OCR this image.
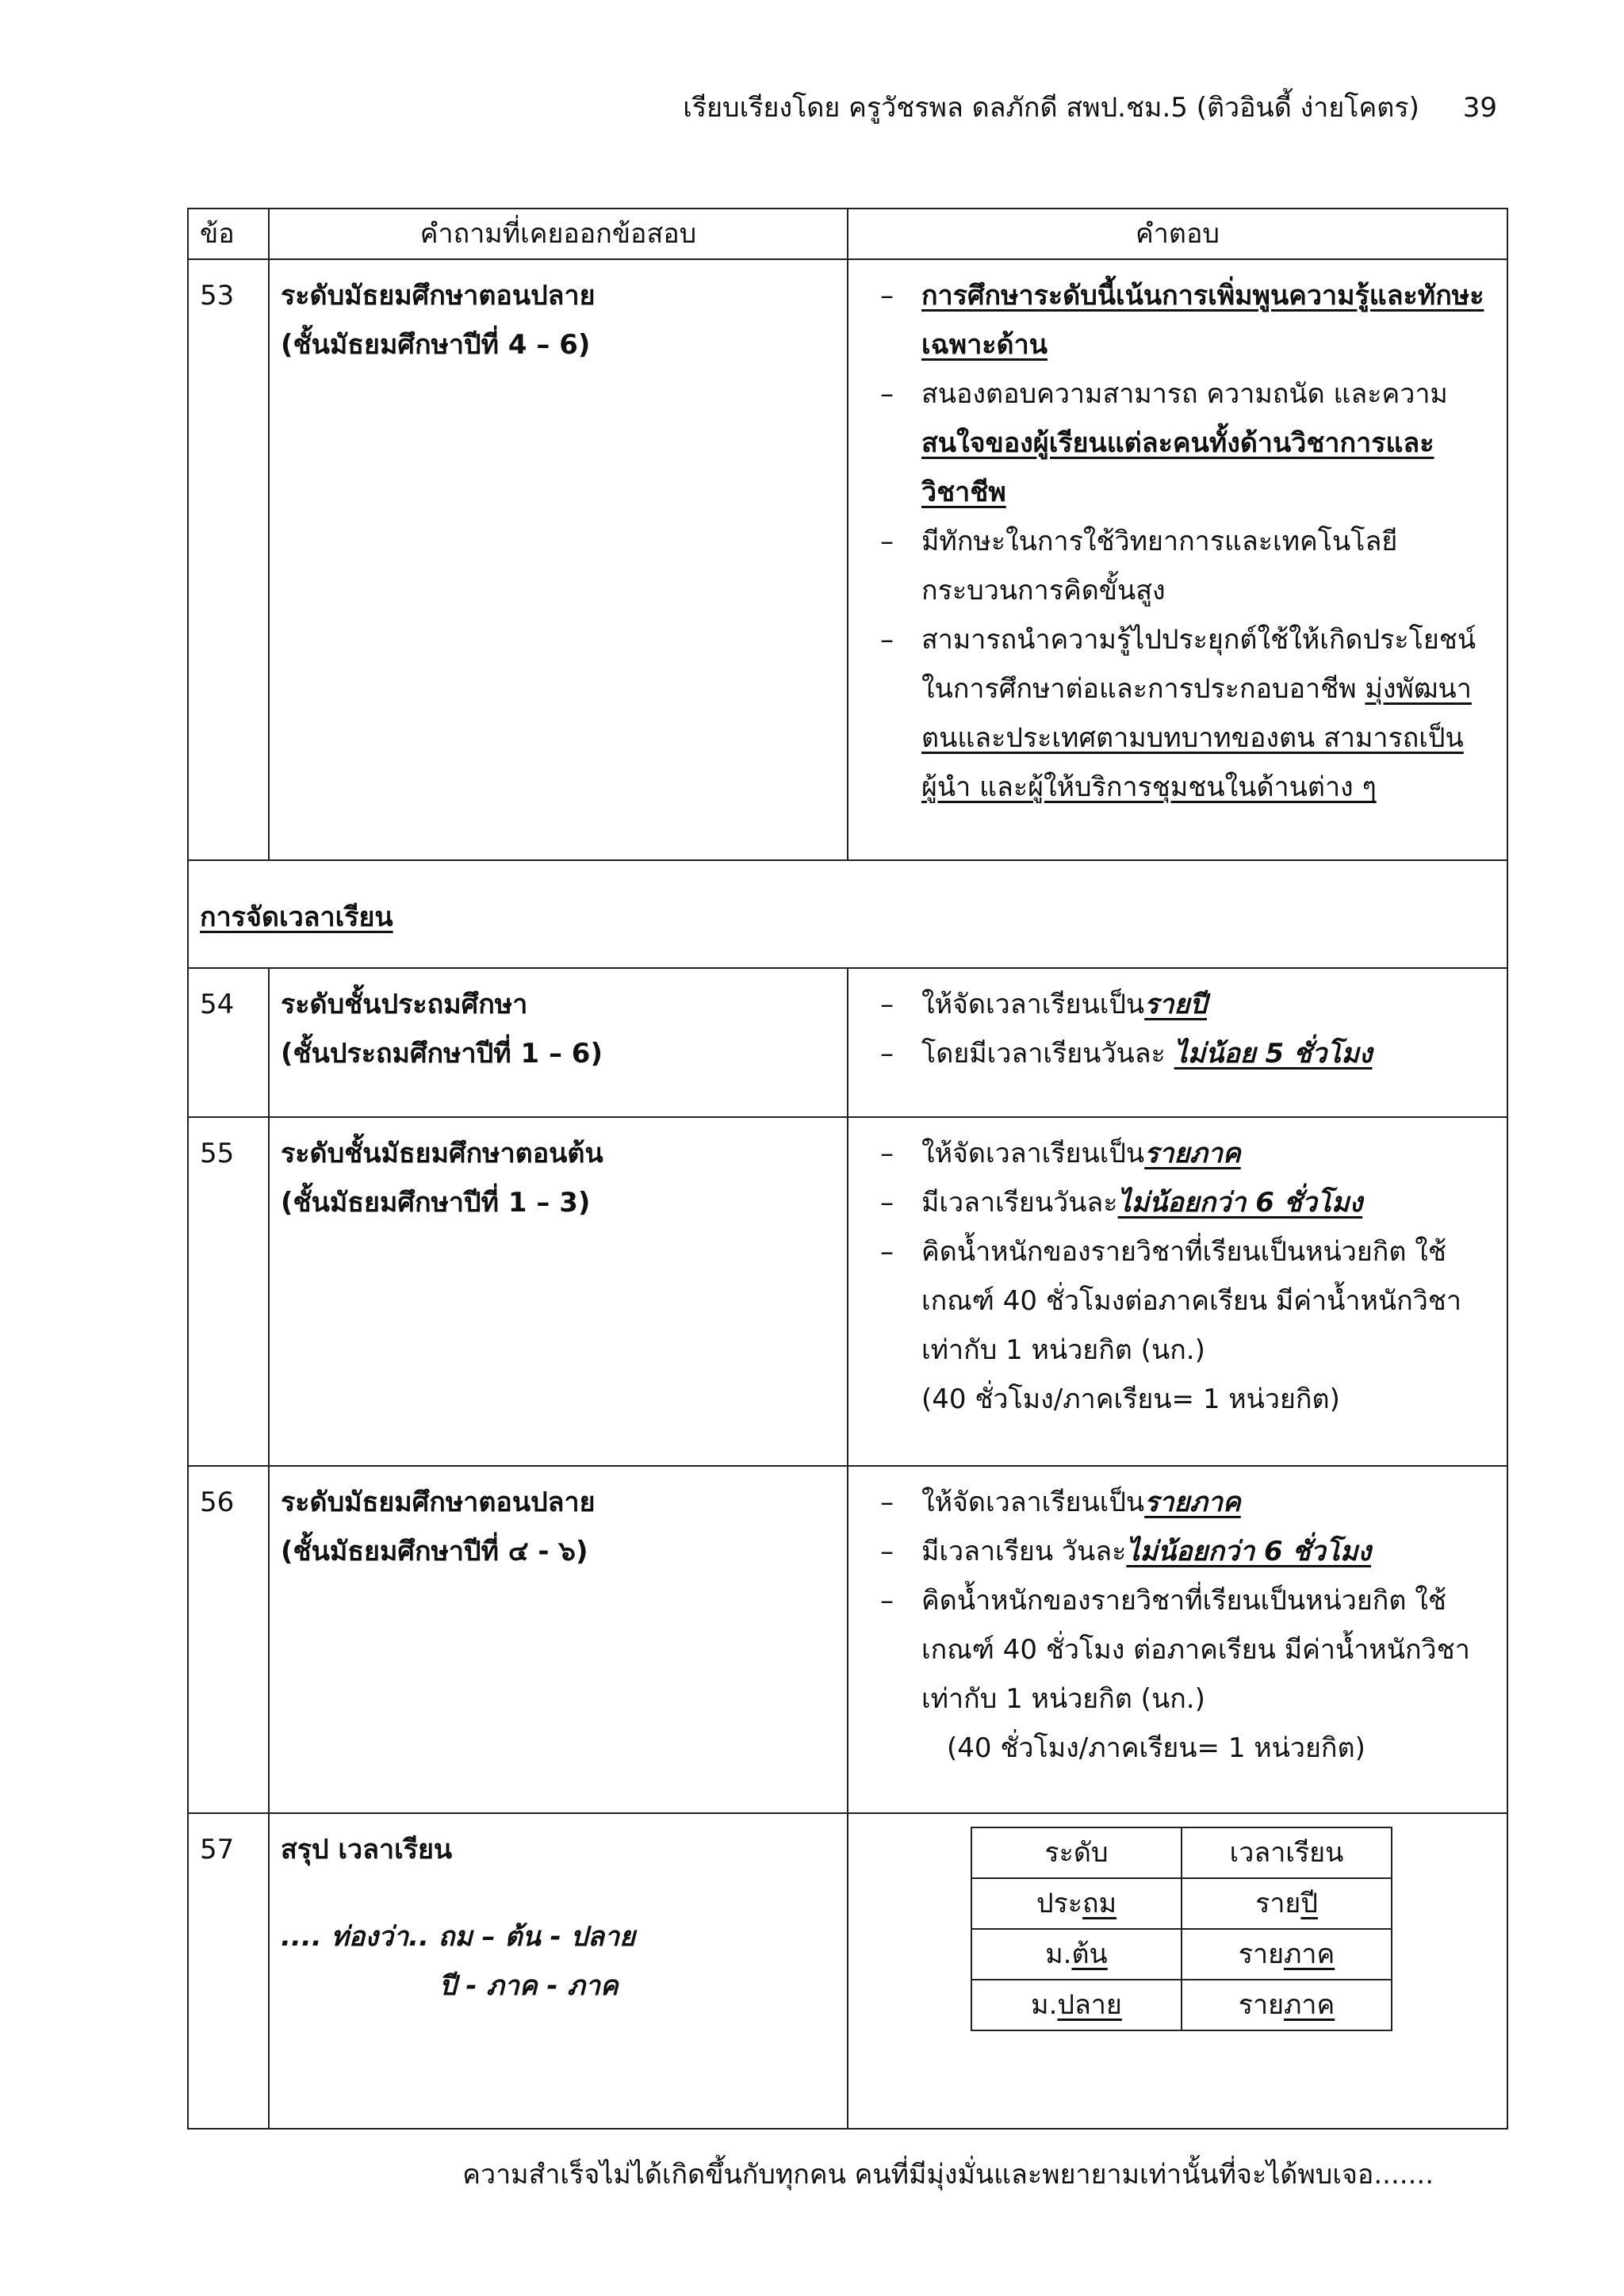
เรียบเรียงโดย ครูวัชรพล ดลภักดี สพป.ชม.5 (ติวอินดี้ ง่ายโคตร) 39
ข้อ	คำถามที่เคยออกข้อสอบ	คำตอบ
53	ระดับมัธยมศึกษาตอนปลาย
(ชั้นมัธยมศึกษาปีที่ 4 – 6)

– การศึกษาระดับนี้เน้นการเพิ่มพูนความรู้และทักษะเฉพาะด้าน
– สนองตอบความสามารถ ความถนัด และความสนใจของผู้เรียนแต่ละคนทั้งด้านวิชาการและวิชาชีพ
– มีทักษะในการใช้วิทยาการและเทคโนโลยี กระบวนการคิดขั้นสูง
– สามารถนำความรู้ไปประยุกต์ใช้ให้เกิดประโยชน์ในการศึกษาต่อและการประกอบอาชีพ มุ่งพัฒนาตนและประเทศตามบทบาทของตน สามารถเป็นผู้นำ และผู้ให้บริการชุมชนในด้านต่าง ๆ

การจัดเวลาเรียน
54	ระดับชั้นประถมศึกษา
(ชั้นประถมศึกษาปีที่ 1 – 6)

– ให้จัดเวลาเรียนเป็นรายปี
– โดยมีเวลาเรียนวันละ ไม่น้อย 5 ชั่วโมง

55	ระดับชั้นมัธยมศึกษาตอนต้น
(ชั้นมัธยมศึกษาปีที่ 1 – 3)

– ให้จัดเวลาเรียนเป็นรายภาค
– มีเวลาเรียนวันละไม่น้อยกว่า 6 ชั่วโมง
– คิดน้ำหนักของรายวิชาที่เรียนเป็นหน่วยกิต ใช้เกณฑ์ 40 ชั่วโมงต่อภาคเรียน มีค่าน้ำหนักวิชาเท่ากับ 1 หน่วยกิต (นก.)
(40 ชั่วโมง/ภาคเรียน= 1 หน่วยกิต)

56	ระดับมัธยมศึกษาตอนปลาย
(ชั้นมัธยมศึกษาปีที่ ๔ - ๖)

– ให้จัดเวลาเรียนเป็นรายภาค
– มีเวลาเรียน วันละไม่น้อยกว่า 6 ชั่วโมง
– คิดน้ำหนักของรายวิชาที่เรียนเป็นหน่วยกิต ใช้เกณฑ์ 40 ชั่วโมง ต่อภาคเรียน มีค่าน้ำหนักวิชา เท่ากับ 1 หน่วยกิต (นก.)
(40 ชั่วโมง/ภาคเรียน= 1 หน่วยกิต)

57	สรุป เวลาเรียน
.... ท่องว่า.. ถม – ต้น - ปลาย
ปี - ภาค - ภาค

ระดับ	เวลาเรียน
ประถม	รายปี
ม.ต้น	รายภาค
ม.ปลาย	รายภาค
ความสำเร็จไม่ได้เกิดขึ้นกับทุกคน คนที่มีมุ่งมั่นและพยายามเท่านั้นที่จะได้พบเจอ.......
